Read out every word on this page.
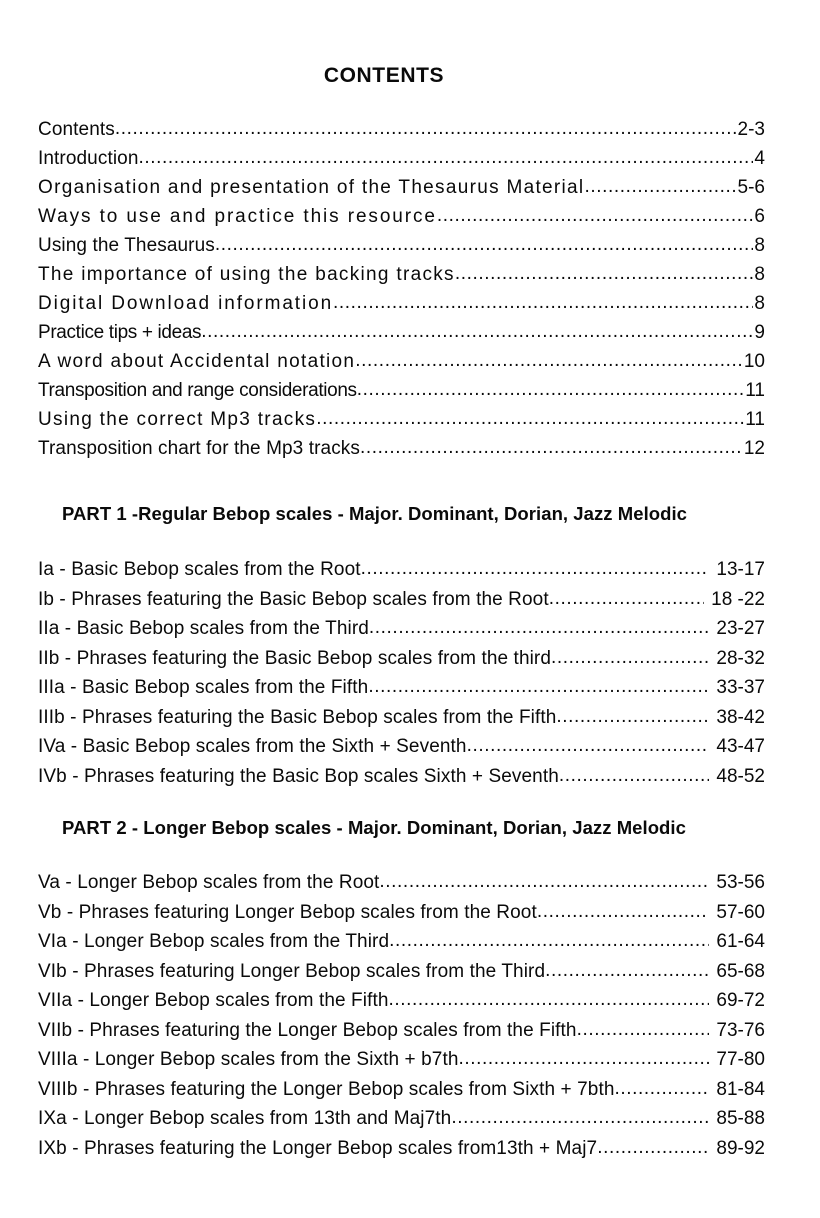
CONTENTS
Contents .....	2-3
Introduction .....	4
Organisation and presentation of the Thesaurus Material .....	5-6
Ways to use and practice this resource .....	6
Using the Thesaurus .....	8
The importance of using the backing tracks .....	8
Digital Download information .....	8
Practice tips + ideas .....	9
A word about Accidental notation .....	10
Transposition and range considerations .....	11
Using the correct Mp3 tracks .....	11
Transposition chart for the Mp3 tracks .....	12
PART 1 -Regular Bebop scales - Major. Dominant, Dorian, Jazz Melodic
Ia - Basic Bebop scales from the Root .....	13-17
Ib - Phrases featuring the Basic Bebop scales from the Root .....	18 -22
IIa - Basic Bebop scales from the Third .....	23-27
IIb - Phrases featuring the Basic Bebop scales from the third .....	28-32
IIIa - Basic Bebop scales from the Fifth .....	33-37
IIIb - Phrases featuring the Basic Bebop scales from the Fifth .....	38-42
IVa - Basic Bebop scales from the Sixth + Seventh .....	43-47
IVb - Phrases featuring the Basic Bop scales Sixth + Seventh .....	48-52
PART 2 - Longer Bebop scales - Major. Dominant, Dorian, Jazz Melodic
Va - Longer Bebop scales from the Root .....	53-56
Vb - Phrases featuring Longer Bebop scales from the Root .....	57-60
VIa - Longer Bebop scales from the Third .....	61-64
VIb - Phrases featuring Longer Bebop scales from the Third .....	65-68
VIIa - Longer Bebop scales from the Fifth .....	69-72
VIIb - Phrases featuring the Longer Bebop scales from the Fifth .....	73-76
VIIIa - Longer Bebop scales from the Sixth + b7th .....	77-80
VIIIb - Phrases featuring the Longer Bebop scales from Sixth + 7bth .....	81-84
IXa - Longer Bebop scales from 13th and Maj7th .....	85-88
IXb - Phrases featuring the Longer Bebop scales from13th + Maj7 .....	89-92
